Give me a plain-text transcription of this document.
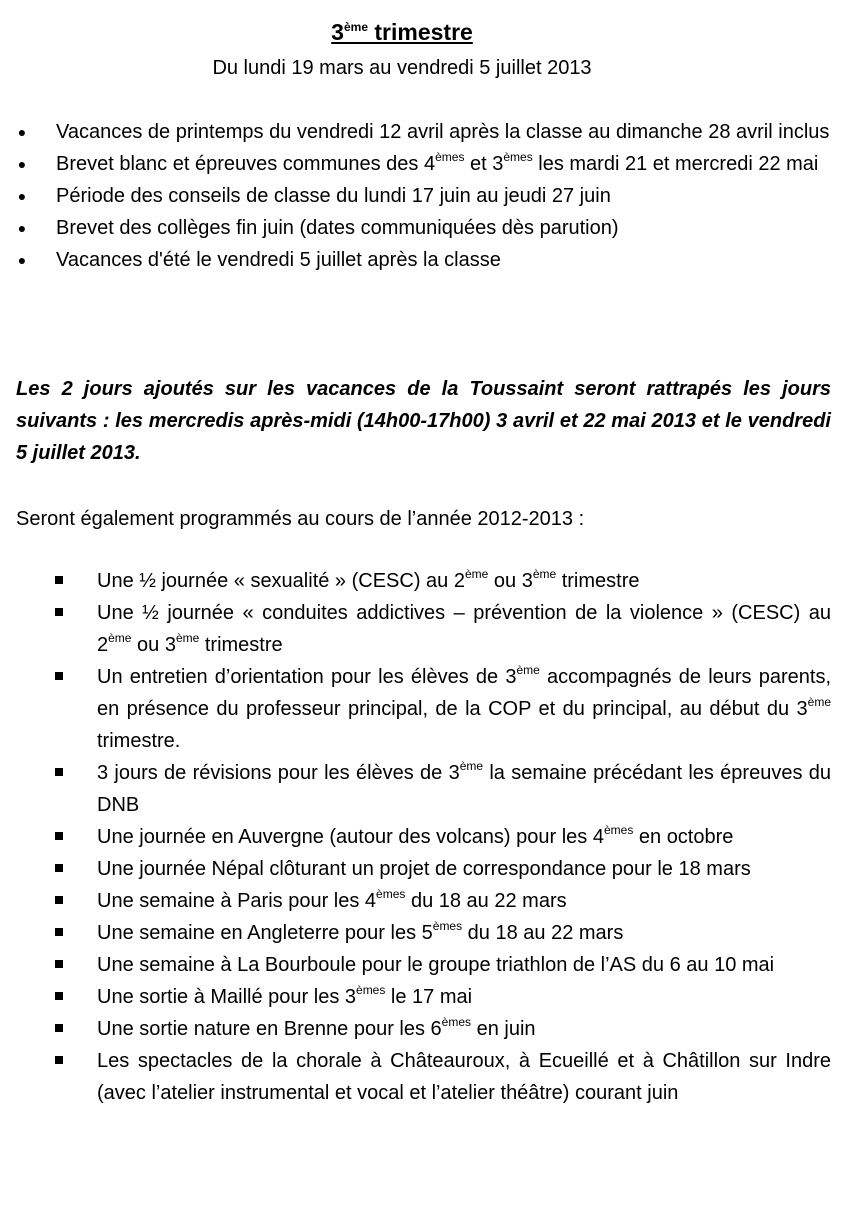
3ème trimestre
Du lundi 19 mars au vendredi 5 juillet 2013
● Vacances de printemps du vendredi 12 avril après la classe au dimanche 28 avril inclus
● Brevet blanc et épreuves communes des 4èmes et 3èmes les mardi 21 et mercredi 22 mai
● Période des conseils de classe du lundi 17 juin au jeudi 27 juin
● Brevet des collèges fin juin (dates communiquées dès parution)
● Vacances d'été le vendredi 5 juillet après la classe
Les 2 jours ajoutés sur les vacances de la Toussaint seront rattrapés les jours suivants : les mercredis après-midi (14h00-17h00) 3 avril et 22 mai 2013 et le vendredi 5 juillet 2013.
Seront également programmés au cours de l’année 2012-2013 :
Une ½ journée « sexualité » (CESC) au 2ème ou 3ème trimestre
Une ½ journée « conduites addictives – prévention de la violence » (CESC) au 2ème ou 3ème trimestre
Un entretien d’orientation pour les élèves de 3ème accompagnés de leurs parents, en présence du professeur principal, de la COP et du principal, au début du 3ème trimestre.
3 jours de révisions pour les élèves de 3ème la semaine précédant les épreuves du DNB
Une journée en Auvergne (autour des volcans) pour les 4èmes en octobre
Une journée Népal clôturant un projet de correspondance pour le 18 mars
Une semaine à Paris pour les 4èmes du 18 au 22 mars
Une semaine en Angleterre pour les 5èmes du 18 au 22 mars
Une semaine à La Bourboule pour le groupe triathlon de l’AS du 6 au 10 mai
Une sortie à Maillé pour les 3èmes le 17 mai
Une sortie nature en Brenne pour les 6èmes en juin
Les spectacles de la chorale à Châteauroux, à Ecueillé et à Châtillon sur Indre (avec l’atelier instrumental et vocal et l’atelier théâtre) courant juin
